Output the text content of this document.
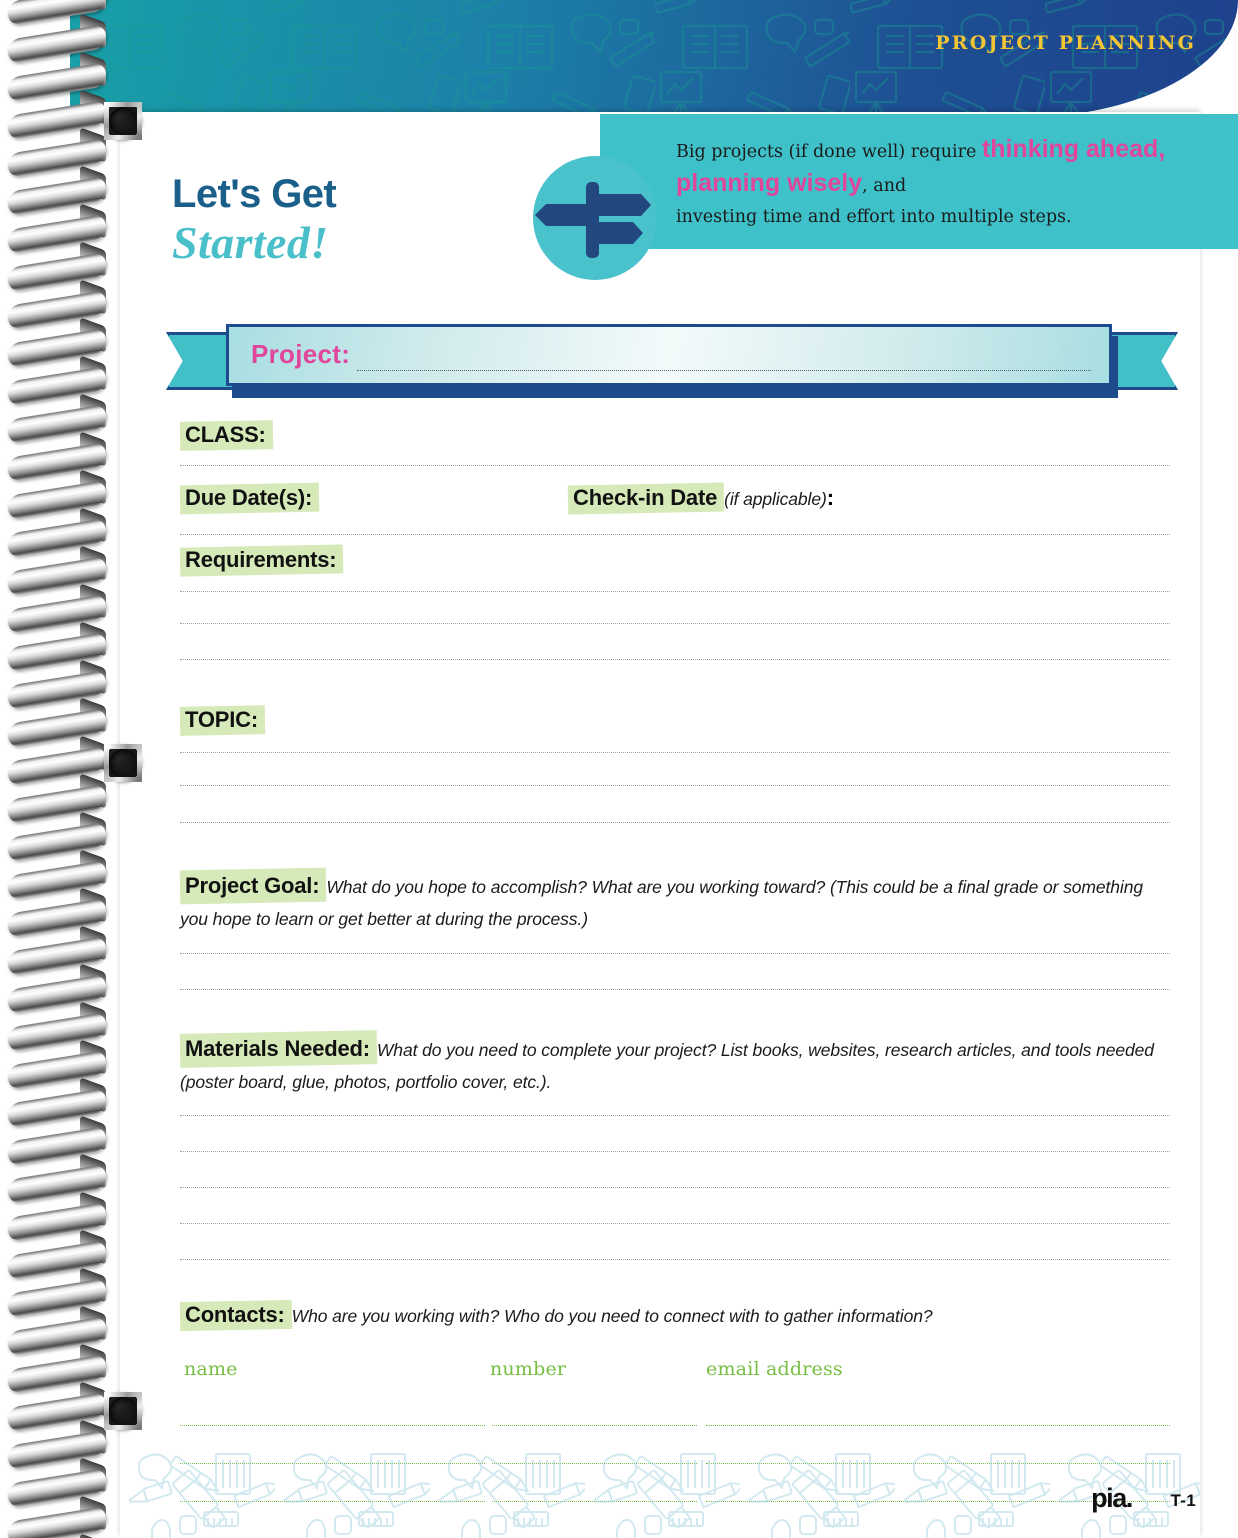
PROJECT PLANNING
Let's Get
Started!
Big projects (if done well) require thinking ahead, planning wisely, and
investing time and effort into multiple steps.
Project:
CLASS:
Due Date(s):	Check-in Date (if applicable):
Requirements:
TOPIC:
Project Goal: What do you hope to accomplish? What are you working toward? (This could be a final grade or something you hope to learn or get better at during the process.)
Materials Needed: What do you need to complete your project? List books, websites, research articles, and tools needed (poster board, glue, photos, portfolio cover, etc.).
Contacts: Who are you working with? Who do you need to connect with to gather information?
name	number	email address
pia. T-1
